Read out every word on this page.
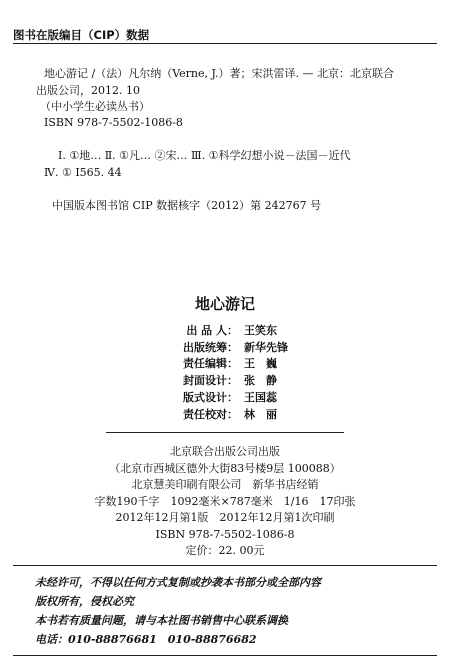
图书在版编目（CIP）数据
地心游记 /（法）凡尔纳（Verne, J.）著；宋洪雷译. — 北京：北京联合
出版公司，2012. 10
（中小学生必读丛书）
ISBN 978-7-5502-1086-8
Ⅰ. ①地… Ⅱ. ①凡… ②宋… Ⅲ. ①科学幻想小说－法国－近代
Ⅳ. ① I565. 44
中国版本图书馆 CIP 数据核字（2012）第 242767 号
地心游记
出 品 人： 王笑东
出版统筹： 新华先锋
责任编辑： 王　巍
封面设计： 张　静
版式设计： 王国蕊
责任校对： 林　丽
北京联合出版公司出版
（北京市西城区德外大街83号楼9层 100088）
北京慧美印刷有限公司　新华书店经销
字数190千字　1092毫米×787毫米　1/16　17印张
2012年12月第1版　2012年12月第1次印刷
ISBN 978-7-5502-1086-8
定价：22. 00元
未经许可，不得以任何方式复制或抄袭本书部分或全部内容
版权所有，侵权必究
本书若有质量问题，请与本社图书销售中心联系调换
电话：010-88876681　010-88876682
